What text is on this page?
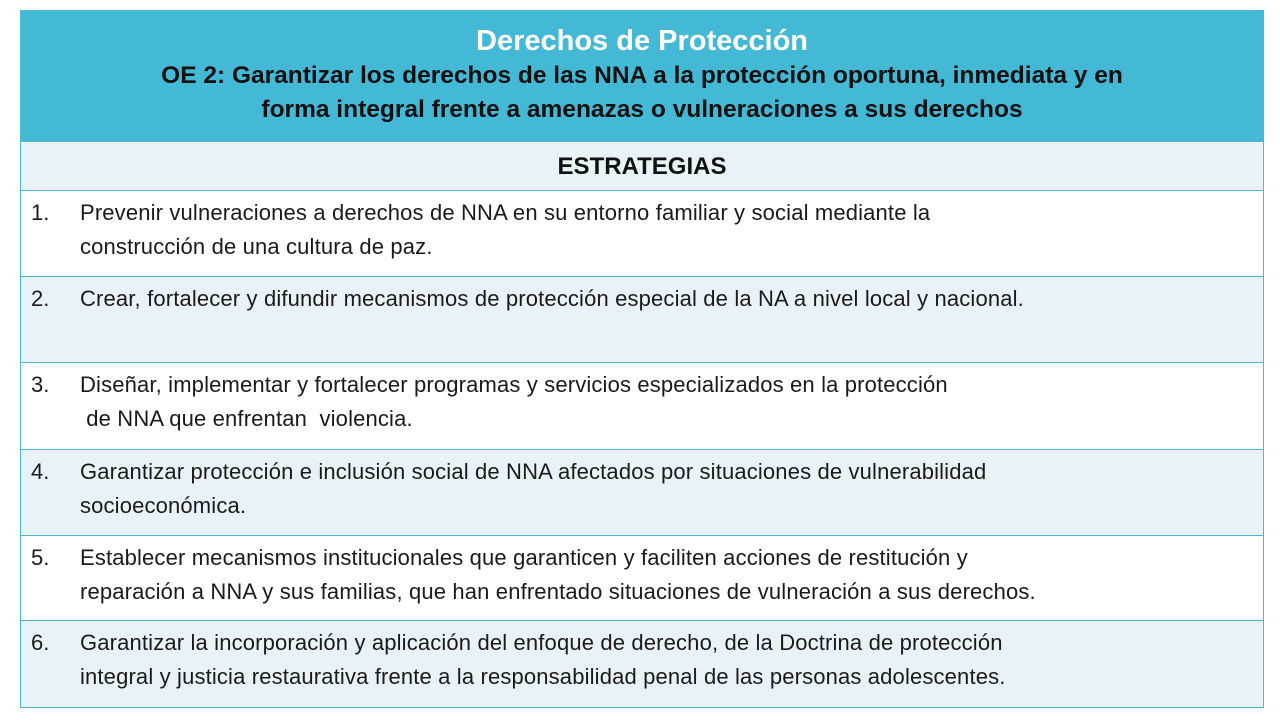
Derechos de Protección
OE 2: Garantizar los derechos de las NNA a la protección oportuna, inmediata y en
forma integral frente a amenazas o vulneraciones a sus derechos
ESTRATEGIAS
1. Prevenir vulneraciones a derechos de NNA en su entorno familiar y social mediante la
construcción de una cultura de paz.
2. Crear, fortalecer y difundir mecanismos de protección especial de la NA a nivel local y nacional.
3. Diseñar, implementar y fortalecer programas y servicios especializados en la protección
de NNA que enfrentan  violencia.
4. Garantizar protección e inclusión social de NNA afectados por situaciones de vulnerabilidad
socioeconómica.
5. Establecer mecanismos institucionales que garanticen y faciliten acciones de restitución y
reparación a NNA y sus familias, que han enfrentado situaciones de vulneración a sus derechos.
6. Garantizar la incorporación y aplicación del enfoque de derecho, de la Doctrina de protección
integral y justicia restaurativa frente a la responsabilidad penal de las personas adolescentes.
